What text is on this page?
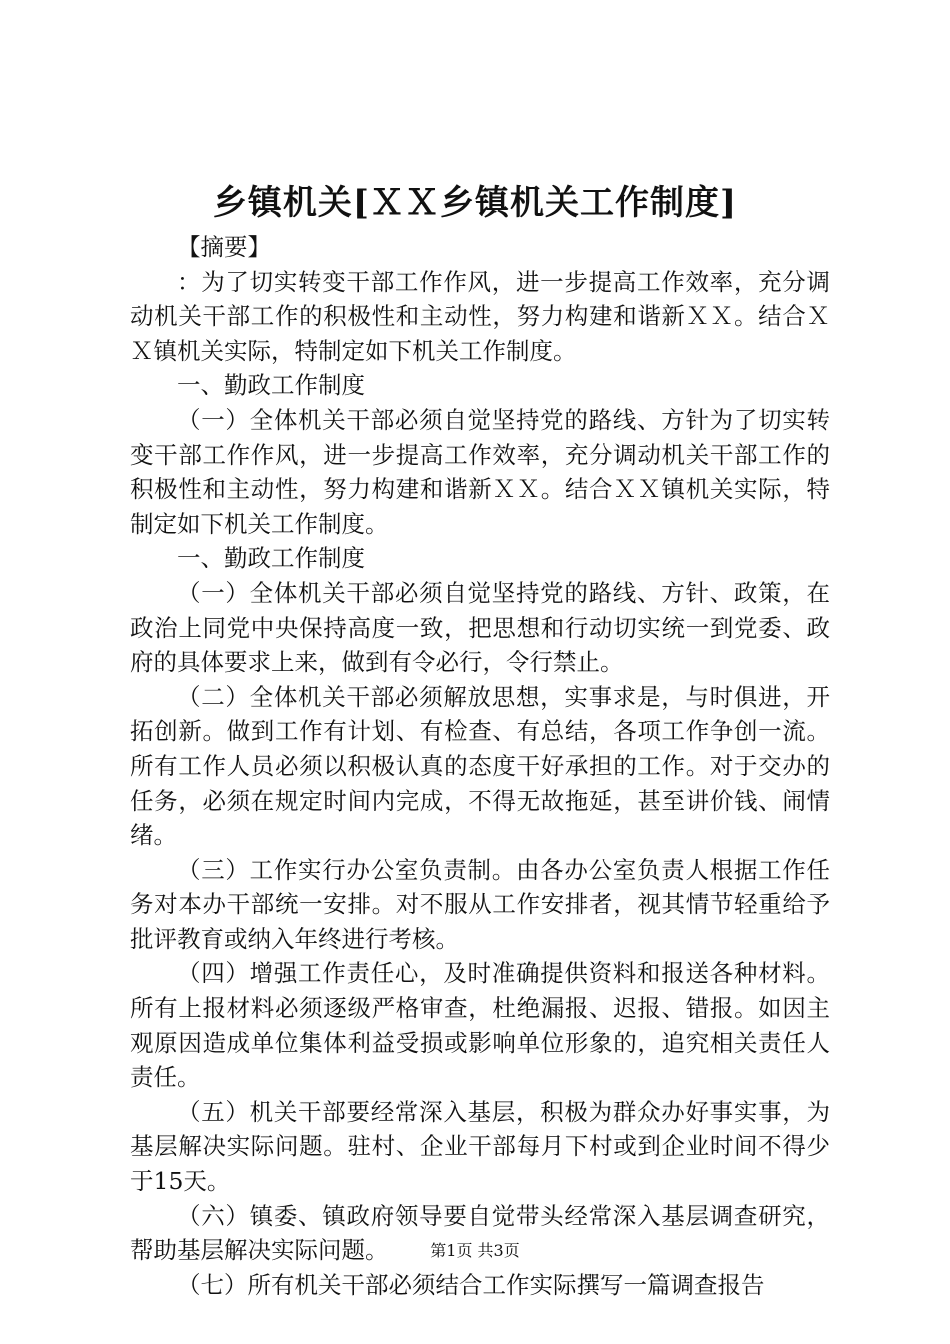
乡镇机关[ＸＸ乡镇机关工作制度]

【摘要】

：为了切实转变干部工作作风，进一步提高工作效率，充分调动机关干部工作的积极性和主动性，努力构建和谐新ＸＸ。结合ＸＸ镇机关实际，特制定如下机关工作制度。

一、勤政工作制度

（一）全体机关干部必须自觉坚持党的路线、方针为了切实转变干部工作作风，进一步提高工作效率，充分调动机关干部工作的积极性和主动性，努力构建和谐新ＸＸ。结合ＸＸ镇机关实际，特制定如下机关工作制度。

一、勤政工作制度

（一）全体机关干部必须自觉坚持党的路线、方针、政策，在政治上同党中央保持高度一致，把思想和行动切实统一到党委、政府的具体要求上来，做到有令必行，令行禁止。

（二）全体机关干部必须解放思想，实事求是，与时俱进，开拓创新。做到工作有计划、有检查、有总结，各项工作争创一流。所有工作人员必须以积极认真的态度干好承担的工作。对于交办的任务，必须在规定时间内完成，不得无故拖延，甚至讲价钱、闹情绪。

（三）工作实行办公室负责制。由各办公室负责人根据工作任务对本办干部统一安排。对不服从工作安排者，视其情节轻重给予批评教育或纳入年终进行考核。

（四）增强工作责任心，及时准确提供资料和报送各种材料。所有上报材料必须逐级严格审查，杜绝漏报、迟报、错报。如因主观原因造成单位集体利益受损或影响单位形象的，追究相关责任人责任。

（五）机关干部要经常深入基层，积极为群众办好事实事，为基层解决实际问题。驻村、企业干部每月下村或到企业时间不得少于15天。

（六）镇委、镇政府领导要自觉带头经常深入基层调查研究，帮助基层解决实际问题。

（七）所有机关干部必须结合工作实际撰写一篇调查报告

第1页 共3页
